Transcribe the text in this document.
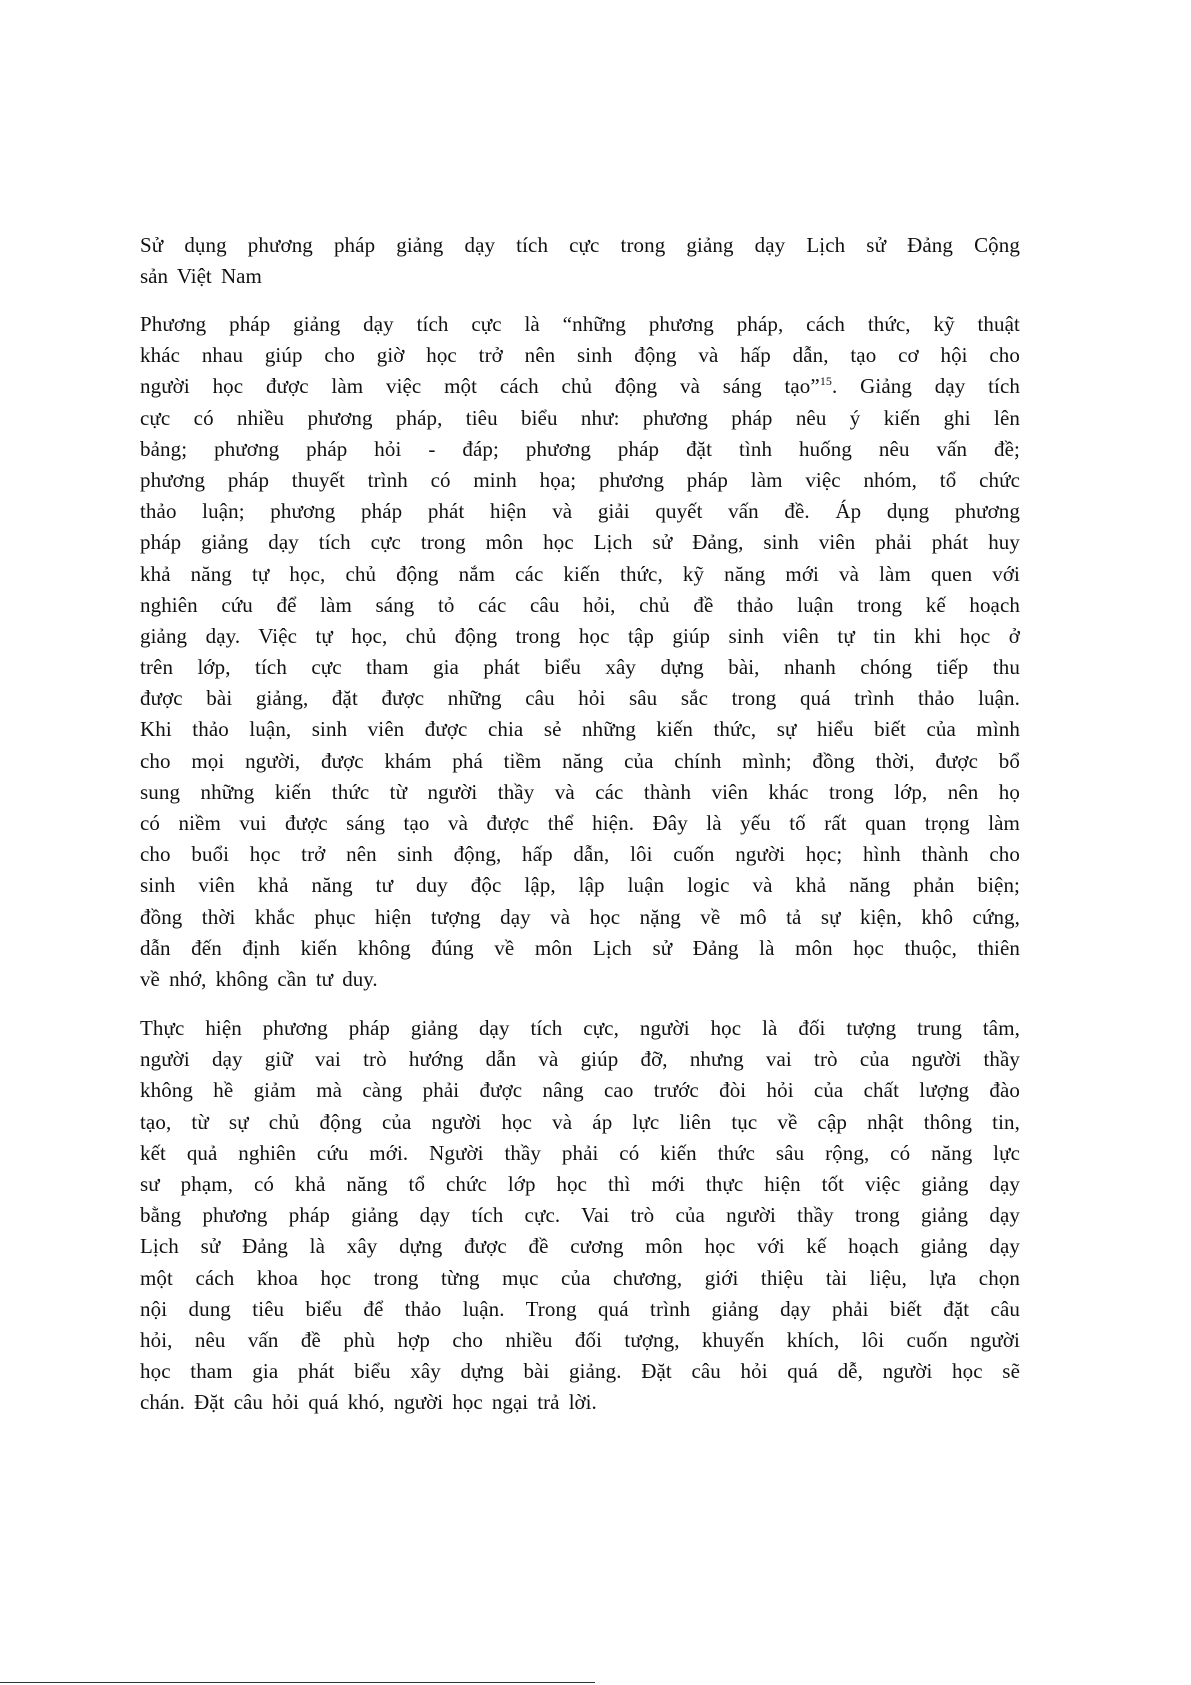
Sử dụng phương pháp giảng dạy tích cực trong giảng dạy Lịch sử Đảng Cộng
sản Việt Nam
Phương pháp giảng dạy tích cực là “những phương pháp, cách thức, kỹ thuật
khác nhau giúp cho giờ học trở nên sinh động và hấp dẫn, tạo cơ hội cho
người học được làm việc một cách chủ động và sáng tạo”$^{15}$. Giảng dạy tích
cực có nhiều phương pháp, tiêu biểu như: phương pháp nêu ý kiến ghi lên
bảng; phương pháp hỏi - đáp; phương pháp đặt tình huống nêu vấn đề;
phương pháp thuyết trình có minh họa; phương pháp làm việc nhóm, tổ chức
thảo luận; phương pháp phát hiện và giải quyết vấn đề. Áp dụng phương
pháp giảng dạy tích cực trong môn học Lịch sử Đảng, sinh viên phải phát huy
khả năng tự học, chủ động nắm các kiến thức, kỹ năng mới và làm quen với
nghiên cứu để làm sáng tỏ các câu hỏi, chủ đề thảo luận trong kế hoạch
giảng dạy. Việc tự học, chủ động trong học tập giúp sinh viên tự tin khi học ở
trên lớp, tích cực tham gia phát biểu xây dựng bài, nhanh chóng tiếp thu
được bài giảng, đặt được những câu hỏi sâu sắc trong quá trình thảo luận.
Khi thảo luận, sinh viên được chia sẻ những kiến thức, sự hiểu biết của mình
cho mọi người, được khám phá tiềm năng của chính mình; đồng thời, được bổ
sung những kiến thức từ người thầy và các thành viên khác trong lớp, nên họ
có niềm vui được sáng tạo và được thể hiện. Đây là yếu tố rất quan trọng làm
cho buổi học trở nên sinh động, hấp dẫn, lôi cuốn người học; hình thành cho
sinh viên khả năng tư duy độc lập, lập luận logic và khả năng phản biện;
đồng thời khắc phục hiện tượng dạy và học nặng về mô tả sự kiện, khô cứng,
dẫn đến định kiến không đúng về môn Lịch sử Đảng là môn học thuộc, thiên
về nhớ, không cần tư duy.
Thực hiện phương pháp giảng dạy tích cực, người học là đối tượng trung tâm,
người dạy giữ vai trò hướng dẫn và giúp đỡ, nhưng vai trò của người thầy
không hề giảm mà càng phải được nâng cao trước đòi hỏi của chất lượng đào
tạo, từ sự chủ động của người học và áp lực liên tục về cập nhật thông tin,
kết quả nghiên cứu mới. Người thầy phải có kiến thức sâu rộng, có năng lực
sư phạm, có khả năng tổ chức lớp học thì mới thực hiện tốt việc giảng dạy
bằng phương pháp giảng dạy tích cực. Vai trò của người thầy trong giảng dạy
Lịch sử Đảng là xây dựng được đề cương môn học với kế hoạch giảng dạy
một cách khoa học trong từng mục của chương, giới thiệu tài liệu, lựa chọn
nội dung tiêu biểu để thảo luận. Trong quá trình giảng dạy phải biết đặt câu
hỏi, nêu vấn đề phù hợp cho nhiều đối tượng, khuyến khích, lôi cuốn người
học tham gia phát biểu xây dựng bài giảng. Đặt câu hỏi quá dễ, người học sẽ
chán. Đặt câu hỏi quá khó, người học ngại trả lời.
